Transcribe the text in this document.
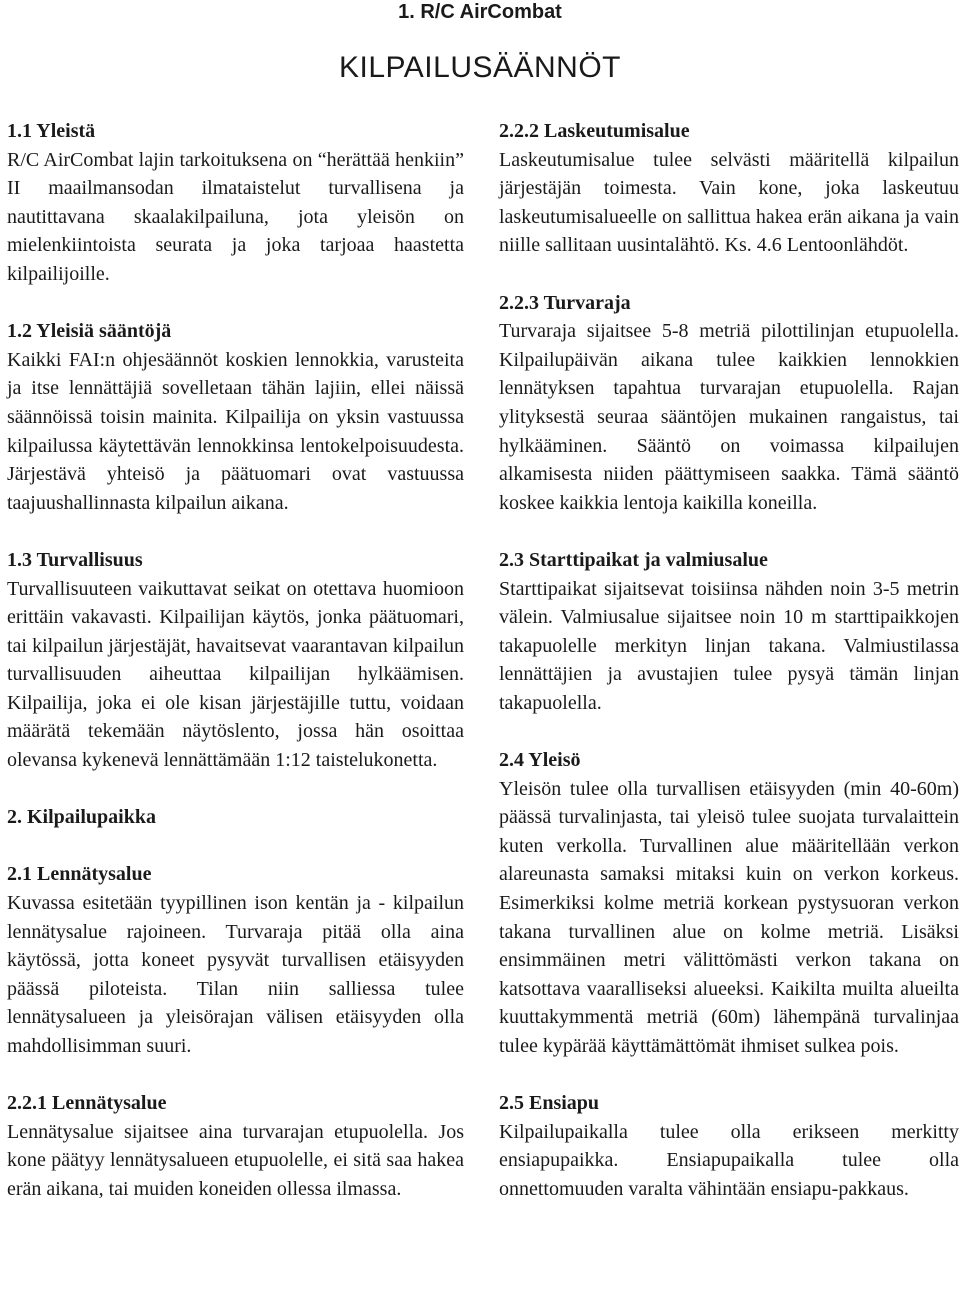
1. R/C AirCombat
KILPAILUSÄÄNNÖT
1.1 Yleistä

R/C AirCombat lajin tarkoituksena on “herättää henkiin” II maailmansodan ilmataistelut turvallisena ja nautittavana skaalakilpailuna, jota yleisön on mielenkiintoista seurata ja joka tarjoaa haastetta kilpailijoille.

1.2 Yleisiä sääntöjä

Kaikki FAI:n ohjesäännöt koskien lennokkia, varusteita ja itse lennättäjiä sovelletaan tähän lajiin, ellei näissä säännöissä toisin mainita. Kilpailija on yksin vastuussa kilpailussa käytettävän lennokkinsa lentokelpoisuudesta. Järjestävä yhteisö ja päätuomari ovat vastuussa taajuushallinnasta kilpailun aikana.

1.3 Turvallisuus

Turvallisuuteen vaikuttavat seikat on otettava huomioon erittäin vakavasti. Kilpailijan käytös, jonka päätuomari, tai kilpailun järjestäjät, havaitsevat vaarantavan kilpailun turvallisuuden aiheuttaa kilpailijan hylkäämisen. Kilpailija, joka ei ole kisan järjestäjille tuttu, voidaan määrätä tekemään näytöslento, jossa hän osoittaa olevansa kykenevä lennättämään 1:12 taistelukonetta.

2. Kilpailupaikka
2.1 Lennätysalue

Kuvassa esitetään tyypillinen ison kentän ja - kilpailun lennätysalue rajoineen. Turvaraja pitää olla aina käytössä, jotta koneet pysyvät turvallisen etäisyyden päässä piloteista. Tilan niin salliessa tulee lennätysalueen ja yleisörajan välisen etäisyyden olla mahdollisimman suuri.

2.2.1 Lennätysalue

Lennätysalue sijaitsee aina turvarajan etupuolella. Jos kone päätyy lennätysalueen etupuolelle, ei sitä saa hakea erän aikana, tai muiden koneiden ollessa ilmassa.

2.2.2 Laskeutumisalue

Laskeutumisalue tulee selvästi määritellä kilpailun järjestäjän toimesta. Vain kone, joka laskeutuu laskeutumisalueelle on sallittua hakea erän aikana ja vain niille sallitaan uusintalähtö. Ks. 4.6 Lentoonlähdöt.

2.2.3 Turvaraja

Turvaraja sijaitsee 5-8 metriä pilottilinjan etupuolella. Kilpailupäivän aikana tulee kaikkien lennokkien lennätyksen tapahtua turvarajan etupuolella. Rajan ylityksestä seuraa sääntöjen mukainen rangaistus, tai hylkääminen. Sääntö on voimassa kilpailujen alkamisesta niiden päättymiseen saakka. Tämä sääntö koskee kaikkia lentoja kaikilla koneilla.

2.3 Starttipaikat ja valmiusalue

Starttipaikat sijaitsevat toisiinsa nähden noin 3-5 metrin välein. Valmiusalue sijaitsee noin 10 m starttipaikkojen takapuolelle merkityn linjan takana. Valmiustilassa lennättäjien ja avustajien tulee pysyä tämän linjan takapuolella.

2.4 Yleisö

Yleisön tulee olla turvallisen etäisyyden (min 40-60m) päässä turvalinjasta, tai yleisö tulee suojata turvalaittein kuten verkolla. Turvallinen alue määritellään verkon alareunasta samaksi mitaksi kuin on verkon korkeus. Esimerkiksi kolme metriä korkean pystysuoran verkon takana turvallinen alue on kolme metriä. Lisäksi ensimmäinen metri välittömästi verkon takana on katsottava vaaralliseksi alueeksi. Kaikilta muilta alueilta kuuttakymmentä metriä (60m) lähempänä turvalinjaa tulee kypärää käyttämättömät ihmiset sulkea pois.

2.5 Ensiapu

Kilpailupaikalla tulee olla erikseen merkitty ensiapupaikka. Ensiapupaikalla tulee olla onnettomuuden varalta vähintään ensiapu-pakkaus.
